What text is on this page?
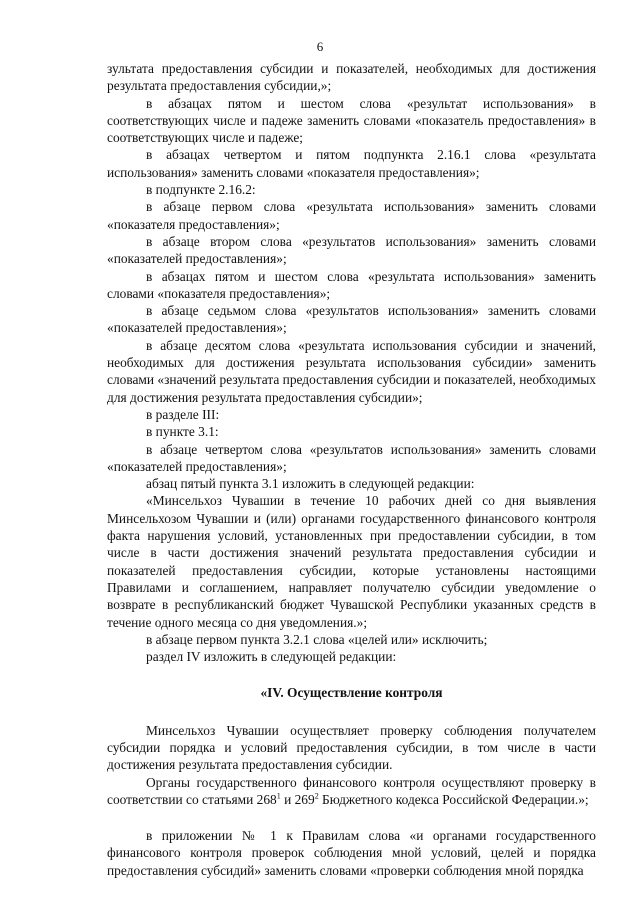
6

зультата предоставления субсидии и показателей, необходимых для достижения результата предоставления субсидии,»;

в абзацах пятом и шестом слова «результат использования» в соответствующих числе и падеже заменить словами «показатель предоставления» в соответствующих числе и падеже;

в абзацах четвертом и пятом подпункта 2.16.1 слова «результата использования» заменить словами «показателя предоставления»;

в подпункте 2.16.2:

в абзаце первом слова «результата использования» заменить словами «показателя предоставления»;

в абзаце втором слова «результатов использования» заменить словами «показателей предоставления»;

в абзацах пятом и шестом слова «результата использования» заменить словами «показателя предоставления»;

в абзаце седьмом слова «результатов использования» заменить словами «показателей предоставления»;

в абзаце десятом слова «результата использования субсидии и значений, необходимых для достижения результата использования субсидии» заменить словами «значений результата предоставления субсидии и показателей, необходимых для достижения результата предоставления субсидии»;

в разделе III:

в пункте 3.1:

в абзаце четвертом слова «результатов использования» заменить словами «показателей предоставления»;

абзац пятый пункта 3.1 изложить в следующей редакции:

«Минсельхоз Чувашии в течение 10 рабочих дней со дня выявления Минсельхозом Чувашии и (или) органами государственного финансового контроля факта нарушения условий, установленных при предоставлении субсидии, в том числе в части достижения значений результата предоставления субсидии и показателей предоставления субсидии, которые установлены настоящими Правилами и соглашением, направляет получателю субсидии уведомление о возврате в республиканский бюджет Чувашской Республики указанных средств в течение одного месяца со дня уведомления.»;

в абзаце первом пункта 3.2.1 слова «целей или» исключить;

раздел IV изложить в следующей редакции:

«IV. Осуществление контроля

Минсельхоз Чувашии осуществляет проверку соблюдения получателем субсидии порядка и условий предоставления субсидии, в том числе в части достижения результата предоставления субсидии.

Органы государственного финансового контроля осуществляют проверку в соответствии со статьями $268^1$ и $269^2$ Бюджетного кодекса Российской Федерации.»;

в приложении № 1 к Правилам слова «и органами государственного финансового контроля проверок соблюдения мной условий, целей и порядка предоставления субсидий» заменить словами «проверки соблюдения мной порядка
